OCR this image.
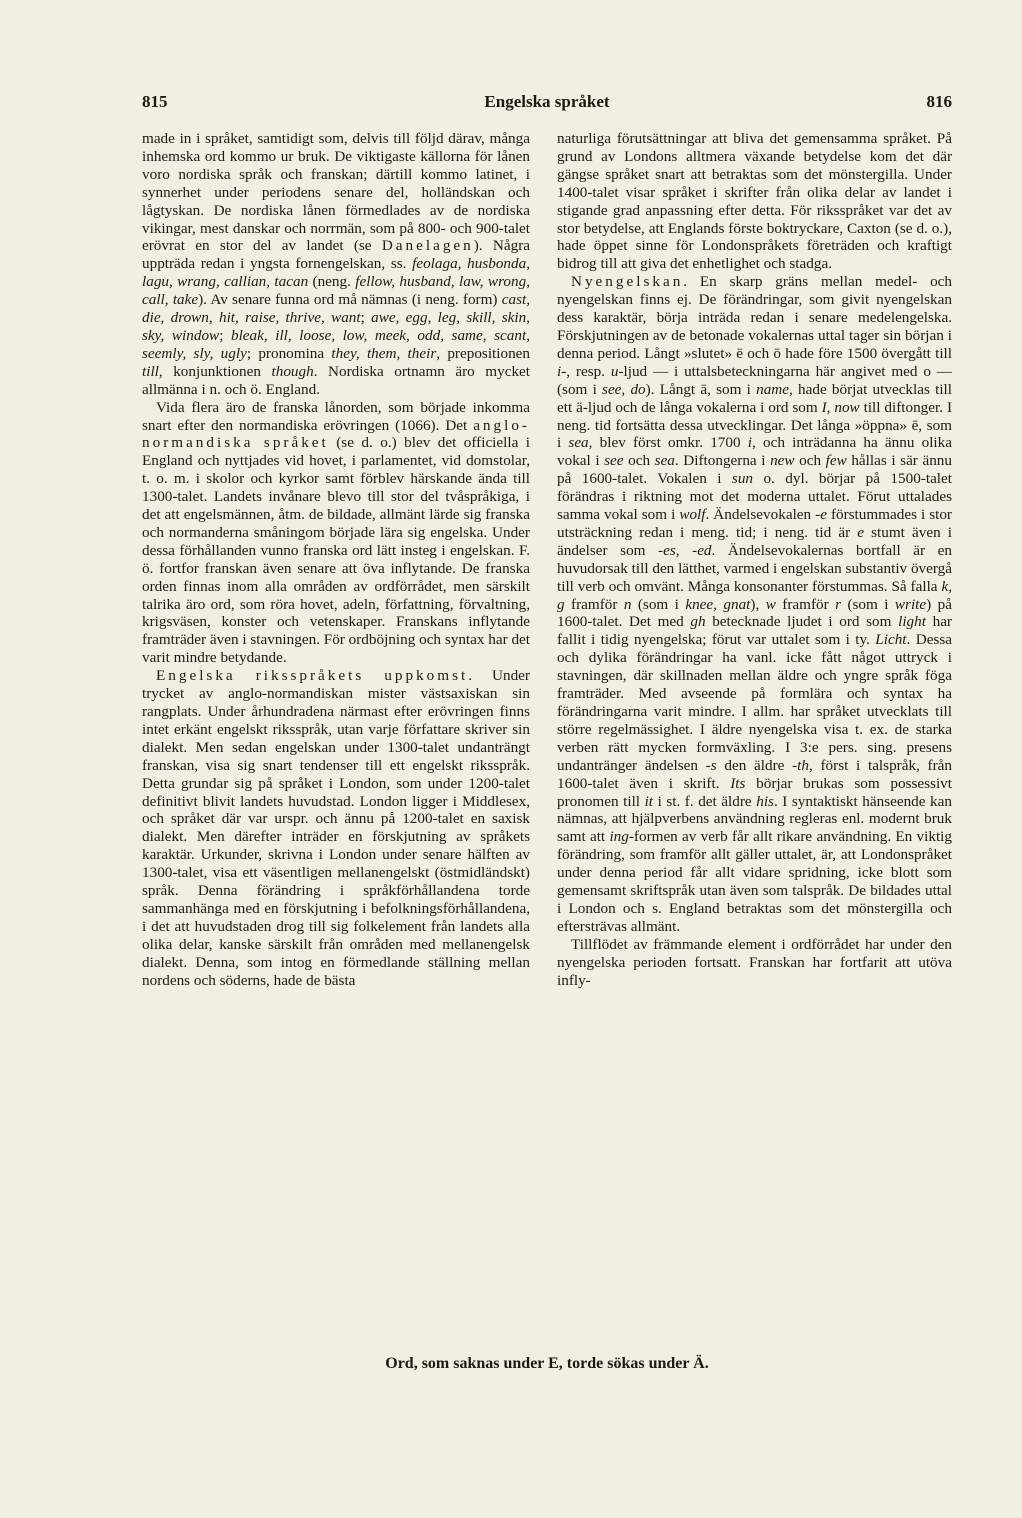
815	Engelska språket	816

made in i språket, samtidigt som, delvis till följd därav, många inhemska ord kommo ur bruk. De viktigaste källorna för lånen voro nordiska språk och franskan; därtill kommo latinet, i synnerhet under periodens senare del, holländskan och lågtyskan. De nordiska lånen förmedlades av de nordiska vikingar, mest danskar och norrmän, som på 800- och 900-talet erövrat en stor del av landet (se Danelagen). Några uppträda redan i yngsta fornengelskan, ss. feolaga, husbonda, lagu, wrang, callian, tacan (neng. fellow, husband, law, wrong, call, take). Av senare funna ord må nämnas (i neng. form) cast, die, drown, hit, raise, thrive, want; awe, egg, leg, skill, skin, sky, window; bleak, ill, loose, low, meek, odd, same, scant, seemly, sly, ugly; pronomina they, them, their, prepositionen till, konjunktionen though. Nordiska ortnamn äro mycket allmänna i n. och ö. England.

Vida flera äro de franska lånorden, som började inkomma snart efter den normandiska erövringen (1066). Det anglo-normandiska språket (se d. o.) blev det officiella i England och nyttjades vid hovet, i parlamentet, vid domstolar, t. o. m. i skolor och kyrkor samt förblev härskande ända till 1300-talet. Landets invånare blevo till stor del tvåspråkiga, i det att engelsmännen, åtm. de bildade, allmänt lärde sig franska och normanderna småningom började lära sig engelska. Under dessa förhållanden vunno franska ord lätt insteg i engelskan. F. ö. fortfor franskan även senare att öva inflytande. De franska orden finnas inom alla områden av ordförrådet, men särskilt talrika äro ord, som röra hovet, adeln, författning, förvaltning, krigsväsen, konster och vetenskaper. Franskans inflytande framträder även i stavningen. För ordböjning och syntax har det varit mindre betydande.

Engelska riksspråkets uppkomst. Under trycket av anglo-normandiskan mister västsaxiskan sin rangplats. Under århundradena närmast efter erövringen finns intet erkänt engelskt riksspråk, utan varje författare skriver sin dialekt. Men sedan engelskan under 1300-talet undanträngt franskan, visa sig snart tendenser till ett engelskt riksspråk. Detta grundar sig på språket i London, som under 1200-talet definitivt blivit landets huvudstad. London ligger i Middlesex, och språket där var urspr. och ännu på 1200-talet en saxisk dialekt. Men därefter inträder en förskjutning av språkets karaktär. Urkunder, skrivna i London under senare hälften av 1300-talet, visa ett väsentligen mellanengelskt (östmidländskt) språk. Denna förändring i språkförhållandena torde sammanhänga med en förskjutning i befolkningsförhållandena, i det att huvudstaden drog till sig folkelement från landets alla olika delar, kanske särskilt från områden med mellanengelsk dialekt. Denna, som intog en förmedlande ställning mellan nordens och söderns, hade de bästa

naturliga förutsättningar att bliva det gemensamma språket. På grund av Londons alltmera växande betydelse kom det där gängse språket snart att betraktas som det mönstergilla. Under 1400-talet visar språket i skrifter från olika delar av landet i stigande grad anpassning efter detta. För riksspråket var det av stor betydelse, att Englands förste boktryckare, Caxton (se d. o.), hade öppet sinne för Londonspråkets företräden och kraftigt bidrog till att giva det enhetlighet och stadga.

Nyengelskan. En skarp gräns mellan medel- och nyengelskan finns ej. De förändringar, som givit nyengelskan dess karaktär, börja inträda redan i senare medelengelska. Förskjutningen av de betonade vokalernas uttal tager sin början i denna period. Långt »slutet» ē och ō hade före 1500 övergått till i-, resp. u-ljud — i uttalsbeteckningarna här angivet med o — (som i see, do). Långt ā, som i name, hade börjat utvecklas till ett ä-ljud och de långa vokalerna i ord som I, now till diftonger. I neng. tid fortsätta dessa utvecklingar. Det långa »öppna» ē, som i sea, blev först omkr. 1700 i, och inträdanna ha ännu olika vokal i see och sea. Diftongerna i new och few hållas i sär ännu på 1600-talet. Vokalen i sun o. dyl. börjar på 1500-talet förändras i riktning mot det moderna uttalet. Förut uttalades samma vokal som i wolf. Ändelsevokalen -e förstummades i stor utsträckning redan i meng. tid; i neng. tid är e stumt även i ändelser som -es, -ed. Ändelsevokalernas bortfall är en huvudorsak till den lätthet, varmed i engelskan substantiv övergå till verb och omvänt. Många konsonanter förstummas. Så falla k, g framför n (som i knee, gnat), w framför r (som i write) på 1600-talet. Det med gh betecknade ljudet i ord som light har fallit i tidig nyengelska; förut var uttalet som i ty. Licht. Dessa och dylika förändringar ha vanl. icke fått något uttryck i stavningen, där skillnaden mellan äldre och yngre språk föga framträder. Med avseende på formlära och syntax ha förändringarna varit mindre. I allm. har språket utvecklats till större regelmässighet. I äldre nyengelska visa t. ex. de starka verben rätt mycken formväxling. I 3:e pers. sing. presens undantränger ändelsen -s den äldre -th, först i talspråk, från 1600-talet även i skrift. Its börjar brukas som possessivt pronomen till it i st. f. det äldre his. I syntaktiskt hänseende kan nämnas, att hjälpverbens användning regleras enl. modernt bruk samt att ing-formen av verb får allt rikare användning. En viktig förändring, som framför allt gäller uttalet, är, att Londonspråket under denna period får allt vidare spridning, icke blott som gemensamt skriftspråk utan även som talspråk. De bildades uttal i London och s. England betraktas som det mönstergilla och eftersträvas allmänt.

Tillflödet av främmande element i ordförrådet har under den nyengelska perioden fortsatt. Franskan har fortfarit att utöva infly-

Ord, som saknas under E, torde sökas under Ä.
